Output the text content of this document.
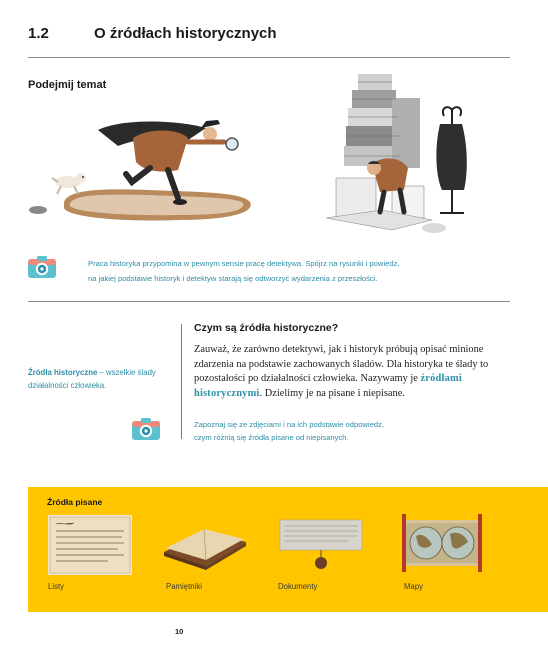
1.2	O źródłach historycznych
Podejmij temat
Praca historyka przypomina w pewnym sensie pracę detektywa. Spójrz na rysunki i powiedz,
na jakiej podstawie historyk i detektyw starają się odtworzyć wydarzenia z przeszłości.
Źródła historyczne – wszelkie ślady działalności człowieka.
Czym są źródła historyczne?
Zauważ, że zarówno detektywi, jak i historyk próbują opisać minione zdarzenia na podstawie zachowanych śladów. Dla historyka te ślady to pozostałości po działalności człowieka. Nazywamy je źródłami historycznymi. Dzielimy je na pisane i niepisane.
Zapoznaj się ze zdjęciami i na ich podstawie odpowiedz,
czym różnią się źródła pisane od niepisanych.
Źródła pisane
Listy	Pamiętniki	Dokumenty	Mapy
10
